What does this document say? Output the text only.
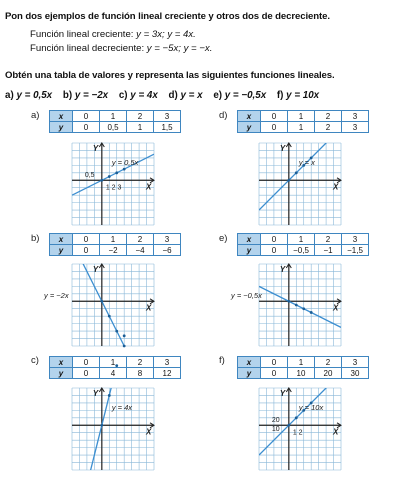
Pon dos ejemplos de función lineal creciente y otros dos de decreciente.
Función lineal creciente: y = 3x; y = 4x.
Función lineal decreciente: y = −5x; y = −x.
Obtén una tabla de valores y representa las siguientes funciones lineales.
a) y = 0,5x b) y = −2x c) y = 4x d) y = x e) y = −0,5x f) y = 10x
a) x	0	1	2	3
y	0	0,5	1	1,5
X
Y
y = 0,5x
0,5
1 2 3
d) x	0	1	2	3
y	0	1	2	3
X
Y
y = x
b) x	0	1	2	3
y	0	−2	−4	−6
X
Y
y = −2x
e) x	0	1	2	3
y	0	−0,5	−1	−1,5
X
Y
y = −0,5x
c) x	0	1	2	3
y	0	4	8	12
X
Y
y = 4x
f)	x	0	1	2	3
y	0	10	20	30
X
Y
y = 10x
20
10 1 2
